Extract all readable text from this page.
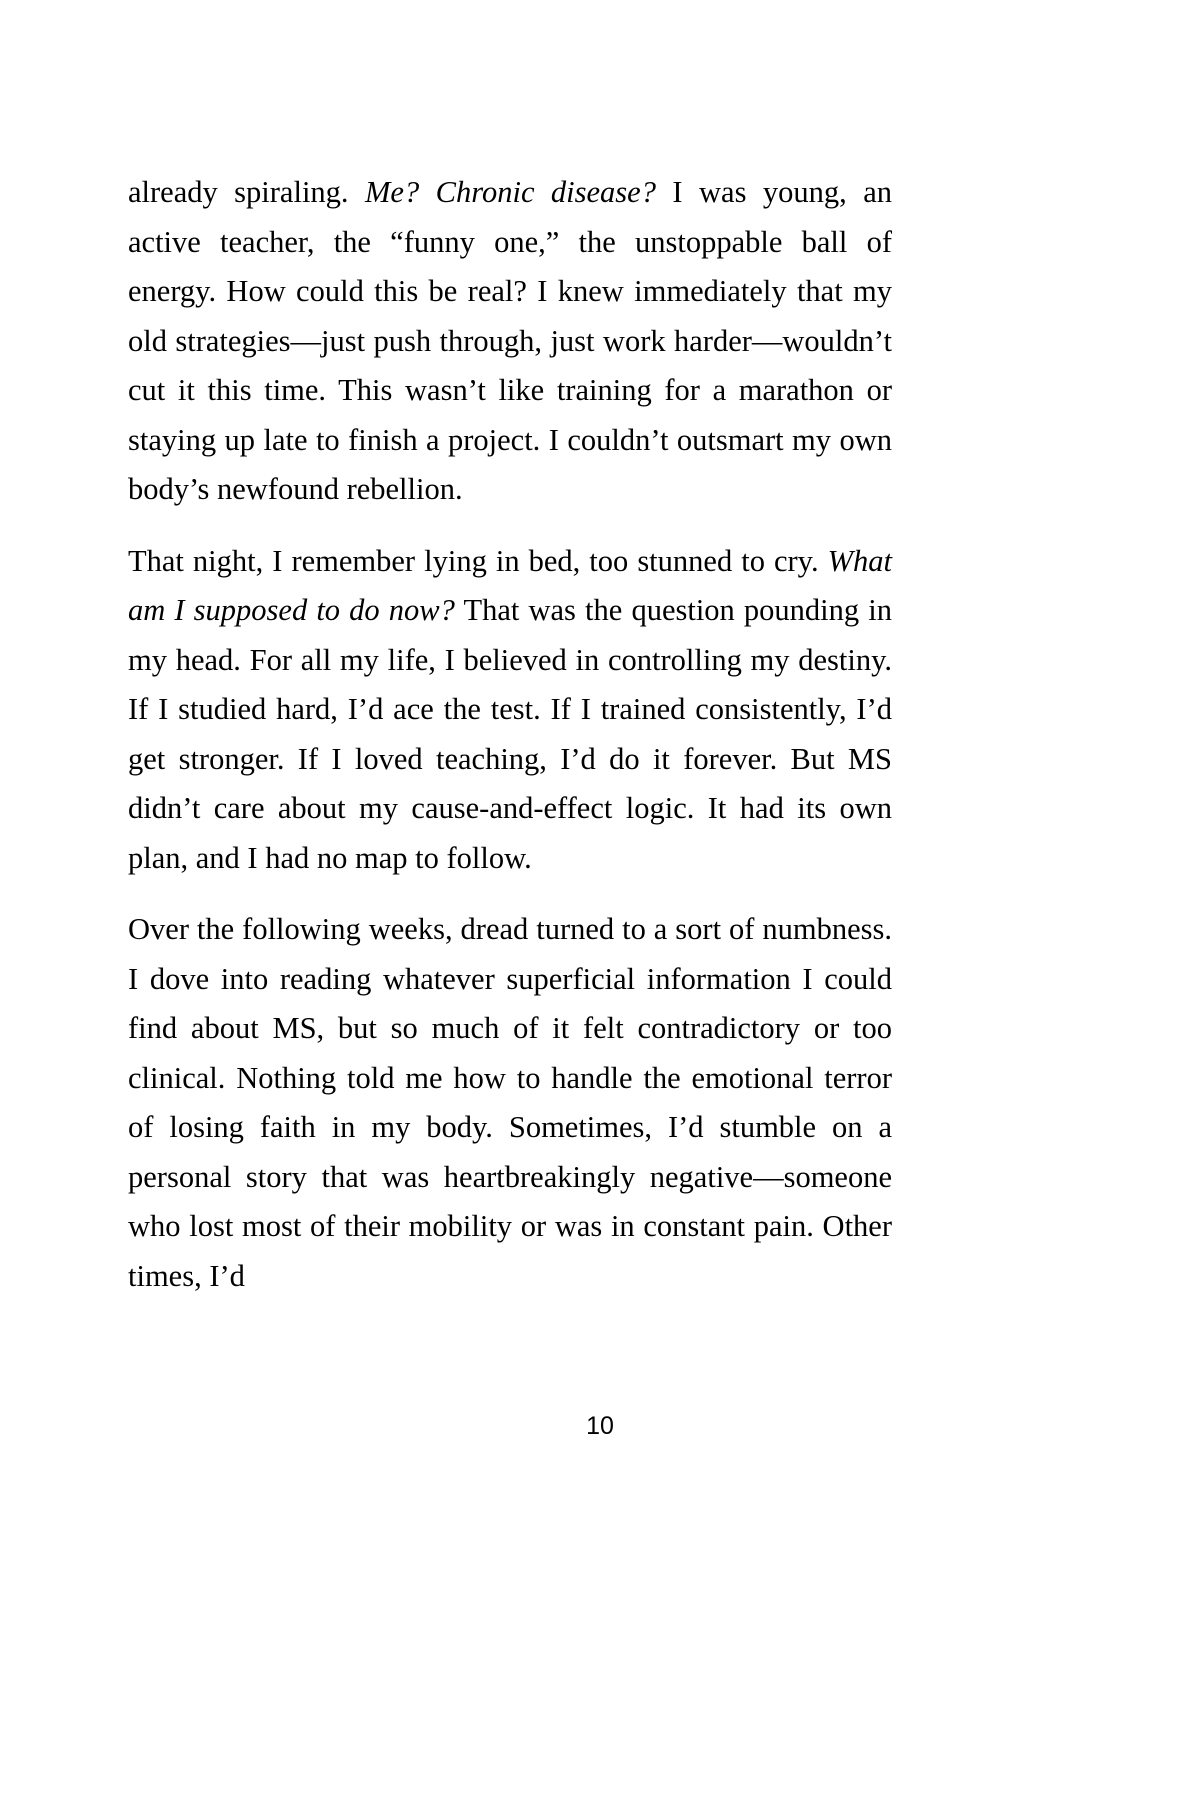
already spiraling. Me? Chronic disease? I was young, an active teacher, the “funny one,” the unstoppable ball of energy. How could this be real? I knew immediately that my old strategies—just push through, just work harder—wouldn’t cut it this time. This wasn’t like training for a marathon or staying up late to finish a project. I couldn’t outsmart my own body’s newfound rebellion.

That night, I remember lying in bed, too stunned to cry. What am I supposed to do now? That was the question pounding in my head. For all my life, I believed in controlling my destiny. If I studied hard, I’d ace the test. If I trained consistently, I’d get stronger. If I loved teaching, I’d do it forever. But MS didn’t care about my cause-and-effect logic. It had its own plan, and I had no map to follow.

Over the following weeks, dread turned to a sort of numbness. I dove into reading whatever superficial information I could find about MS, but so much of it felt contradictory or too clinical. Nothing told me how to handle the emotional terror of losing faith in my body. Sometimes, I’d stumble on a personal story that was heartbreakingly negative—someone who lost most of their mobility or was in constant pain. Other times, I’d

10
